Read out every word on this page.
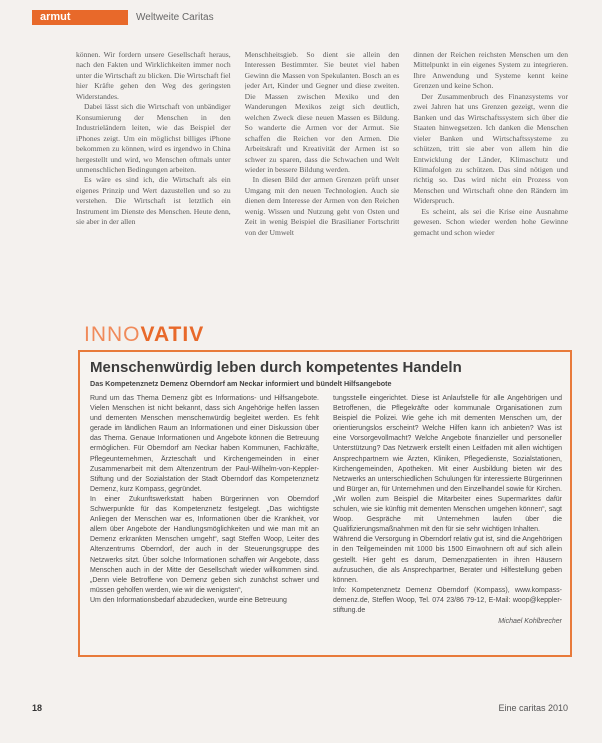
armut	Weltweite Caritas

können. Wir fordern unsere Gesellschaft heraus, nach den Fakten und Wirklichkeiten immer noch unter die Wirtschaft zu blicken. Die Wirtschaft fiel hier Kräfte gehen den Weg des geringsten Widerstandes.

Dabei lässt sich die Wirtschaft von unbändiger Konsumierung der Menschen in den Industrieländern leiten, wie das Beispiel der iPhones zeigt. Um ein möglichst billiges iPhone bekommen zu können, wird es irgendwo in China hergestellt und wird, wo Menschen oftmals unter unmenschlichen Bedingungen arbeiten.

Es wäre es sind ich, die Wirtschaft als ein eigenes Prinzip und Wert dazustellen und so zu verstehen. Die Wirtschaft ist letztlich ein Instrument im Dienste des Menschen. Heute denn, sie aber in der allen

Menschheitsgieb. So dient sie allein den Interessen Bestimmter. Sie beutet viel haben Gewinn die Massen von Spekulanten. Bosch an es jeder Art, Kinder und Gegner und diese zweiten. Die Massen zwischen Mexiko und den Wanderungen Mexikos zeigt sich deutlich, welchen Zweck diese neuen Massen es Bildung. So wanderte die Armen vor der Armut. Sie schaffen die Reichen vor den Armen. Die Arbeitskraft und Kreativität der Armen ist so schwer zu sparen, dass die Schwachen und Welt wieder in bessere Bildung werden.

In diesen Bild der armen Grenzen prüft unser Umgang mit den neuen Technologien. Auch sie dienen dem Interesse der Armen von den Reichen wenig. Wissen und Nutzung geht von Osten und Zeit in wenig Beispiel die Brasilianer Fortschritt von der Umwelt

dinnen der Reichen reichsten Menschen um den Mittelpunkt in ein eigenes System zu integrieren. Ihre Anwendung und Systeme kennt keine Grenzen und keine Schon.

Der Zusammenbruch des Finanzsystems vor zwei Jahren hat uns Grenzen gezeigt, wenn die Banken und das Wirtschaftssystem sich über die Staaten hinwegsetzen. Ich danken die Menschen vieler Banken und Wirtschaftssysteme zu schützen, tritt sie aber von allem hin die Entwicklung der Länder, Klimaschutz und Klimafolgen zu schützen. Das sind nötigen und richtig so. Das wird nicht ein Prozess von Menschen und Wirtschaft ohne den Rändern im Widerspruch.

Es scheint, als sei die Krise eine Ausnahme gewesen. Schon wieder werden hohe Gewinne gemacht und schon wieder

INNOVATIV
Menschenwürdig leben durch kompetentes Handeln
Das Kompetenznetz Demenz Oberndorf am Neckar informiert und bündelt Hilfsangebote

Rund um das Thema Demenz gibt es Informations- und Hilfsangebote. Vielen Menschen ist nicht bekannt, dass sich Angehörige helfen lassen und dementen Menschen menschenwürdig begleitet werden. Es fehlt gerade im ländlichen Raum an Informationen und einer Diskussion über das Thema. Genaue Informationen und Angebote können die Betreuung ermöglichen. Für Oberndorf am Neckar haben Kommunen, Fachkräfte, Pflegeunternehmen, Ärzteschaft und Kirchengemeinden in einer Zusammenarbeit mit dem Altenzentrum der Paul-Wilhelm-von-Keppler-Stiftung und der Sozialstation der Stadt Oberndorf das Kompetenznetz Demenz, kurz Kompass, gegründet.

In einer Zukunftswerkstatt haben Bürgerinnen von Oberndorf Schwerpunkte für das Kompetenznetz festgelegt. „Das wichtigste Anliegen der Menschen war es, Informationen über die Krankheit, vor allem über Angebote der Handlungsmöglichkeiten und wie man mit an Demenz erkrankten Menschen umgeht“, sagt Steffen Woop, Leiter des Altenzentrums Oberndorf, der auch in der Steuerungsgruppe des Netzwerks sitzt. Über solche Informationen schaffen wir Angebote, dass Menschen auch in der Mitte der Gesellschaft wieder willkommen sind. „Denn viele Betroffene von Demenz geben sich zunächst schwer und müssen geholfen werden, wie wir die wenigsten“,

Um den Informationsbedarf abzudecken, wurde eine Betreuung

tungsstelle eingerichtet. Diese ist Anlaufstelle für alle Angehörigen und Betroffenen, die Pflegekräfte oder kommunale Organisationen zum Beispiel die Polizei. Wie gehe ich mit dementen Menschen um, der orientierungslos erscheint? Welche Hilfen kann ich anbieten? Was ist eine Vorsorgevollmacht? Welche Angebote finanzieller und personeller Unterstützung? Das Netzwerk erstellt einen Leitfaden mit allen wichtigen Ansprechpartnern wie Ärzten, Kliniken, Pflegedienste, Sozialstationen, Kirchengemeinden, Apotheken. Mit einer Ausbildung bieten wir des Netzwerks an unterschiedlichen Schulungen für interessierte Bürgerinnen und Bürger an, für Unternehmen und den Einzelhandel sowie für Kirchen. „Wir wollen zum Beispiel die Mitarbeiter eines Supermarktes dafür schulen, wie sie künftig mit dementen Menschen umgehen können“, sagt Woop. Gespräche mit Unternehmen laufen über die Qualifizierungsmaßnahmen mit den für sie sehr wichtigen Inhalten.

Während die Versorgung in Oberndorf relativ gut ist, sind die Angehörigen in den Teilgemeinden mit 1000 bis 1500 Einwohnern oft auf sich allein gestellt. Hier geht es darum, Demenzpatienten in ihren Häusern aufzusuchen, die als Ansprechpartner, Berater und Hilfestellung geben können.

Info: Kompetenznetz Demenz Oberndorf (Kompass), www.kompass-demenz.de, Steffen Woop, Tel. 074 23/86 79-12, E-Mail: woop@keppler-stiftung.de

Michael Kohlbrecher
18	Eine caritas 2010
